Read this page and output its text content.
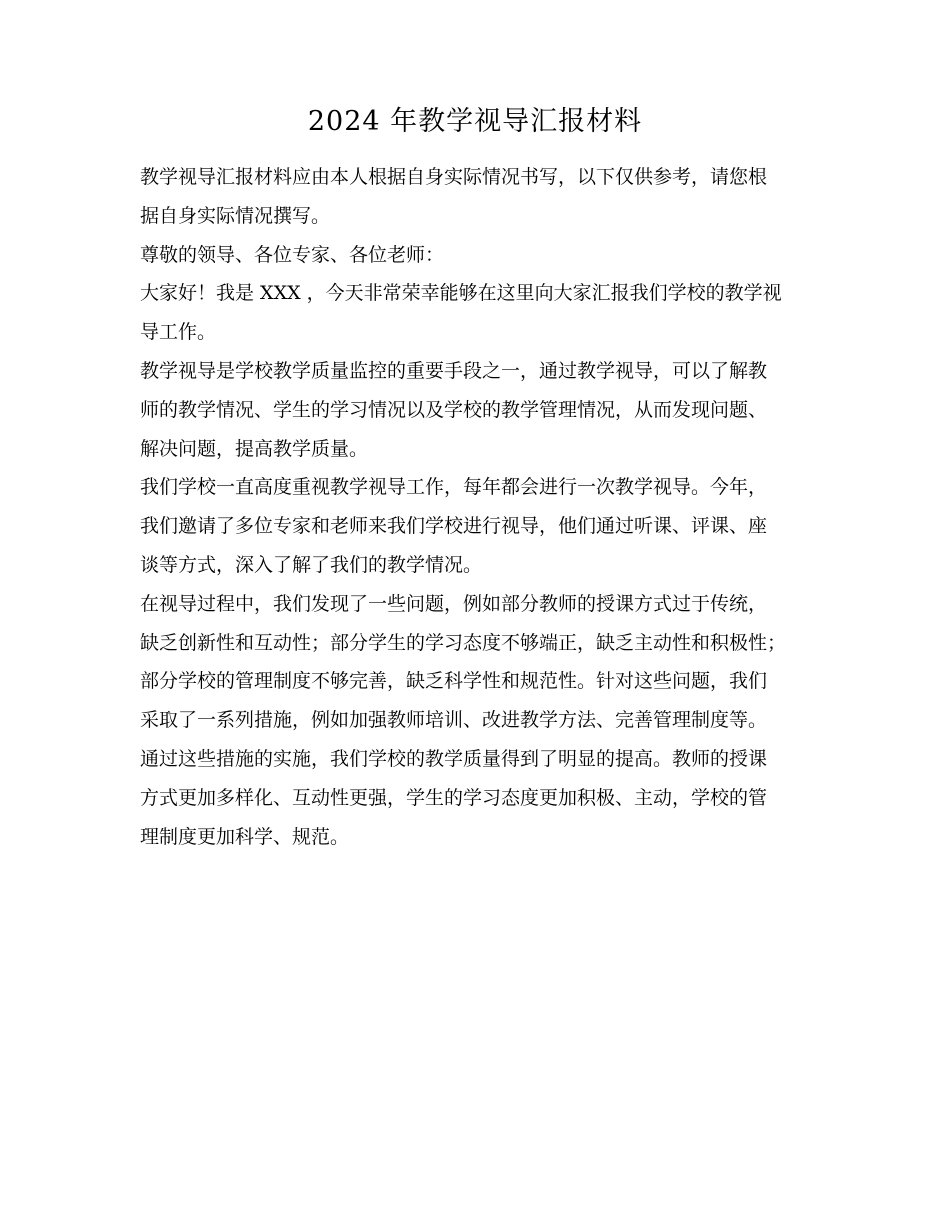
2024 年教学视导汇报材料
教学视导汇报材料应由本人根据自身实际情况书写，以下仅供参考，请您根
据自身实际情况撰写。
尊敬的领导、各位专家、各位老师：
大家好！我是 XXX ，今天非常荣幸能够在这里向大家汇报我们学校的教学视
导工作。
教学视导是学校教学质量监控的重要手段之一，通过教学视导，可以了解教
师的教学情况、学生的学习情况以及学校的教学管理情况，从而发现问题、
解决问题，提高教学质量。
我们学校一直高度重视教学视导工作，每年都会进行一次教学视导。今年，
我们邀请了多位专家和老师来我们学校进行视导，他们通过听课、评课、座
谈等方式，深入了解了我们的教学情况。
在视导过程中，我们发现了一些问题，例如部分教师的授课方式过于传统，
缺乏创新性和互动性；部分学生的学习态度不够端正，缺乏主动性和积极性；
部分学校的管理制度不够完善，缺乏科学性和规范性。针对这些问题，我们
采取了一系列措施，例如加强教师培训、改进教学方法、完善管理制度等。
通过这些措施的实施，我们学校的教学质量得到了明显的提高。教师的授课
方式更加多样化、互动性更强，学生的学习态度更加积极、主动，学校的管
理制度更加科学、规范。
